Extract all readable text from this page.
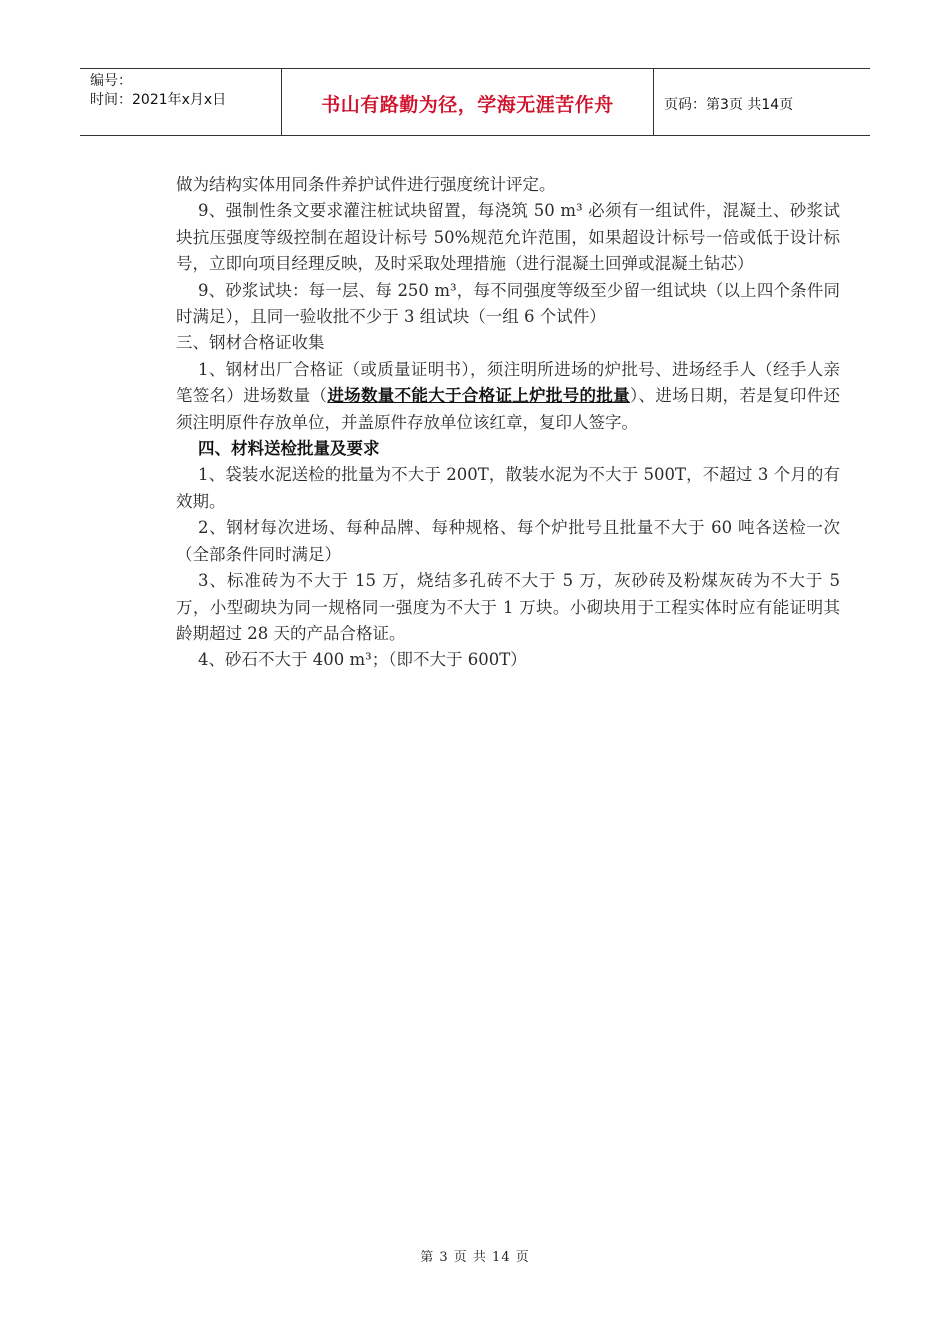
编号：
时间：2021年x月x日	书山有路勤为径，学海无涯苦作舟	页码：第3页 共14页

做为结构实体用同条件养护试件进行强度统计评定。

9、强制性条文要求灌注桩试块留置，每浇筑 50 m³ 必须有一组试件，混凝土、砂浆试块抗压强度等级控制在超设计标号 50%规范允许范围，如果超设计标号一倍或低于设计标号，立即向项目经理反映，及时采取处理措施（进行混凝土回弹或混凝土钻芯）

9、砂浆试块：每一层、每 250 m³，每不同强度等级至少留一组试块（以上四个条件同时满足），且同一验收批不少于 3 组试块（一组 6 个试件）

三、钢材合格证收集

1、钢材出厂合格证（或质量证明书），须注明所进场的炉批号、进场经手人（经手人亲笔签名）进场数量（进场数量不能大于合格证上炉批号的批量）、进场日期，若是复印件还须注明原件存放单位，并盖原件存放单位该红章，复印人签字。

四、材料送检批量及要求

1、袋装水泥送检的批量为不大于 200T，散装水泥为不大于 500T，不超过 3 个月的有效期。

2、钢材每次进场、每种品牌、每种规格、每个炉批号且批量不大于 60 吨各送检一次（全部条件同时满足）

3、标准砖为不大于 15 万，烧结多孔砖不大于 5 万，灰砂砖及粉煤灰砖为不大于 5 万，小型砌块为同一规格同一强度为不大于 1 万块。小砌块用于工程实体时应有能证明其龄期超过 28 天的产品合格证。

4、砂石不大于 400 m³；（即不大于 600T）

第 3 页 共 14 页
